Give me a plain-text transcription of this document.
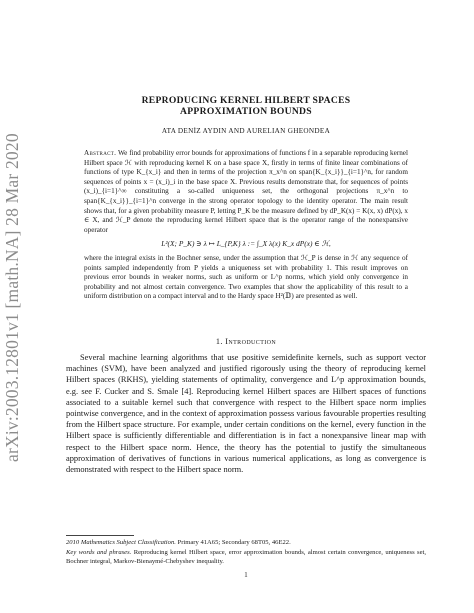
arXiv:2003.12801v1 [math.NA] 28 Mar 2020
REPRODUCING KERNEL HILBERT SPACES
APPROXIMATION BOUNDS
ATA DENİZ AYDIN AND AURELIAN GHEONDEA

Abstract. We find probability error bounds for approximations of functions f in a separable reproducing kernel Hilbert space ℋ with reproducing kernel K on a base space X, firstly in terms of finite linear combinations of functions of type K_{x_i} and then in terms of the projection π_x^n on span{K_{x_i}}_{i=1}^n, for random sequences of points x = (x_i)_i in the base space X. Previous results demonstrate that, for sequences of points (x_i)_{i=1}^∞ constituting a so-called uniqueness set, the orthogonal projections π_x^n to span{K_{x_i}}_{i=1}^n converge in the strong operator topology to the identity operator. The main result shows that, for a given probability measure P, letting P_K be the measure defined by dP_K(x) = K(x, x) dP(x), x ∈ X, and ℋ_P denote the reproducing kernel Hilbert space that is the operator range of the nonexpansive operator

L²(X; P_K) ∋ λ ↦ L_{P,K} λ := ∫_X λ(x) K_x dP(x) ∈ ℋ,

where the integral exists in the Bochner sense, under the assumption that ℋ_P is dense in ℋ any sequence of points sampled independently from P yields a uniqueness set with probability 1. This result improves on previous error bounds in weaker norms, such as uniform or L^p norms, which yield only convergence in probability and not almost certain convergence. Two examples that show the applicability of this result to a uniform distribution on a compact interval and to the Hardy space H²(𝔻) are presented as well.

1. Introduction

Several machine learning algorithms that use positive semidefinite kernels, such as support vector machines (SVM), have been analyzed and justified rigorously using the theory of reproducing kernel Hilbert spaces (RKHS), yielding statements of optimality, convergence and L^p approximation bounds, e.g. see F. Cucker and S. Smale [4]. Reproducing kernel Hilbert spaces are Hilbert spaces of functions associated to a suitable kernel such that convergence with respect to the Hilbert space norm implies pointwise convergence, and in the context of approximation possess various favourable properties resulting from the Hilbert space structure. For example, under certain conditions on the kernel, every function in the Hilbert space is sufficiently differentiable and differentiation is in fact a nonexpansive linear map with respect to the Hilbert space norm. Hence, the theory has the potential to justify the simultaneous approximation of derivatives of functions in various numerical applications, as long as convergence is demonstrated with respect to the Hilbert space norm.

2010 Mathematics Subject Classification. Primary 41A65; Secondary 68T05, 46E22.
Key words and phrases. Reproducing kernel Hilbert space, error approximation bounds, almost certain convergence, uniqueness set, Bochner integral, Markov-Bienaymé-Chebyshev inequality.
1
